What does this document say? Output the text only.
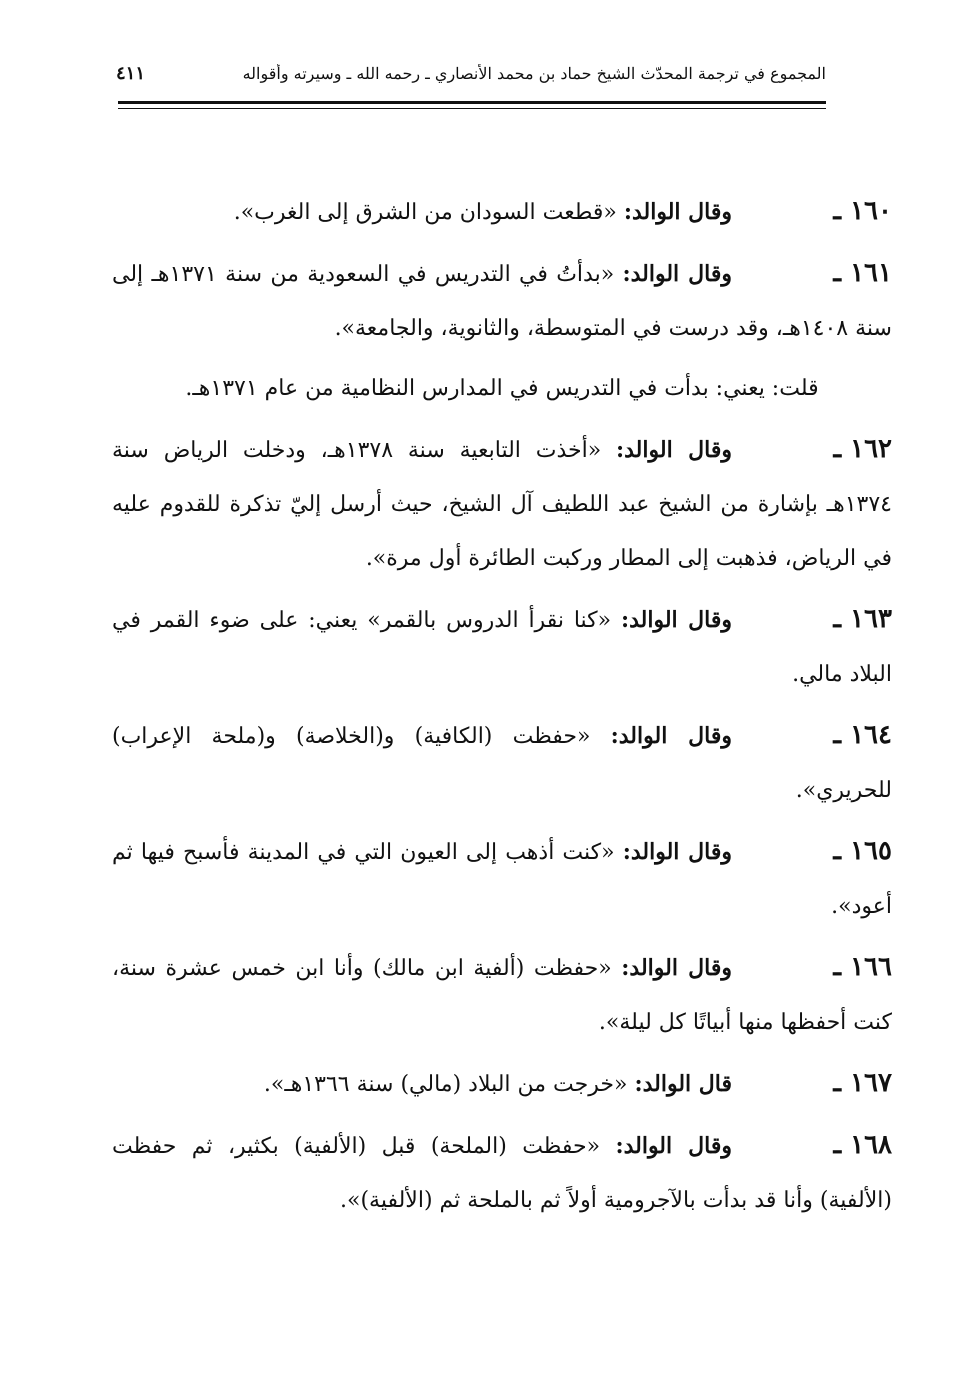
المجموع في ترجمة المحدّث الشيخ حماد بن محمد الأنصاري ـ رحمه الله ـ وسيرته وأقواله
٤١١

١٦٠ ـوقال الوالد: «قطعت السودان من الشرق إلى الغرب».

١٦١ ـوقال الوالد: «بدأتُ في التدريس في السعودية من سنة ١٣٧١هـ إلى سنة ١٤٠٨هـ، وقد درست في المتوسطة، والثانوية، والجامعة».

قلت: يعني: بدأت في التدريس في المدارس النظامية من عام ١٣٧١هـ.

١٦٢ ـوقال الوالد: «أخذت التابعية سنة ١٣٧٨هـ، ودخلت الرياض سنة ١٣٧٤هـ بإشارة من الشيخ عبد اللطيف آل الشيخ، حيث أرسل إليّ تذكرة للقدوم عليه في الرياض، فذهبت إلى المطار وركبت الطائرة أول مرة».

١٦٣ ـوقال الوالد: «كنا نقرأ الدروس بالقمر» يعني: على ضوء القمر في البلاد مالي.

١٦٤ ـوقال الوالد: «حفظت (الكافية) و(الخلاصة) و(ملحة الإعراب) للحريري».

١٦٥ ـوقال الوالد: «كنت أذهب إلى العيون التي في المدينة فأسبح فيها ثم أعود».

١٦٦ ـوقال الوالد: «حفظت (ألفية ابن مالك) وأنا ابن خمس عشرة سنة، كنت أحفظها منها أبياتًا كل ليلة».

١٦٧ ـقال الوالد: «خرجت من البلاد (مالي) سنة ١٣٦٦هـ».

١٦٨ ـوقال الوالد: «حفظت (الملحة) قبل (الألفية) بكثير، ثم حفظت (الألفية) وأنا قد بدأت بالآجرومية أولاً ثم بالملحة ثم (الألفية)».
